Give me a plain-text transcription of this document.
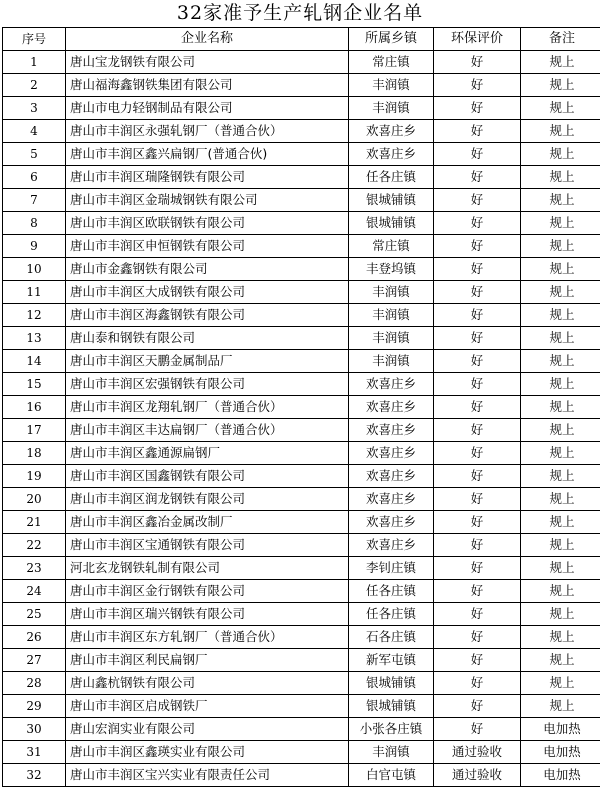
32家准予生产轧钢企业名单
序号	企业名称	所属乡镇	环保评价	备注
1	唐山宝龙钢铁有限公司	常庄镇	好	规上
2	唐山福海鑫钢铁集团有限公司	丰润镇	好	规上
3	唐山市电力轻钢制品有限公司	丰润镇	好	规上
4	唐山市丰润区永强轧钢厂（普通合伙）	欢喜庄乡	好	规上
5	唐山市丰润区鑫兴扁钢厂(普通合伙)	欢喜庄乡	好	规上
6	唐山市丰润区瑞隆钢铁有限公司	任各庄镇	好	规上
7	唐山市丰润区金瑞城钢铁有限公司	银城铺镇	好	规上
8	唐山市丰润区欧联钢铁有限公司	银城铺镇	好	规上
9	唐山市丰润区申恒钢铁有限公司	常庄镇	好	规上
10	唐山市金鑫钢铁有限公司	丰登坞镇	好	规上
11	唐山市丰润区大成钢铁有限公司	丰润镇	好	规上
12	唐山市丰润区海鑫钢铁有限公司	丰润镇	好	规上
13	唐山泰和钢铁有限公司	丰润镇	好	规上
14	唐山市丰润区天鹏金属制品厂	丰润镇	好	规上
15	唐山市丰润区宏强钢铁有限公司	欢喜庄乡	好	规上
16	唐山市丰润区龙翔轧钢厂（普通合伙）	欢喜庄乡	好	规上
17	唐山市丰润区丰达扁钢厂（普通合伙）	欢喜庄乡	好	规上
18	唐山市丰润区鑫通源扁钢厂	欢喜庄乡	好	规上
19	唐山市丰润区国鑫钢铁有限公司	欢喜庄乡	好	规上
20	唐山市丰润区润龙钢铁有限公司	欢喜庄乡	好	规上
21	唐山市丰润区鑫冶金属改制厂	欢喜庄乡	好	规上
22	唐山市丰润区宝通钢铁有限公司	欢喜庄乡	好	规上
23	河北玄龙钢铁轧制有限公司	李钊庄镇	好	规上
24	唐山市丰润区金行钢铁有限公司	任各庄镇	好	规上
25	唐山市丰润区瑞兴钢铁有限公司	任各庄镇	好	规上
26	唐山市丰润区东方轧钢厂（普通合伙）	石各庄镇	好	规上
27	唐山市丰润区利民扁钢厂	新军屯镇	好	规上
28	唐山鑫杭钢铁有限公司	银城铺镇	好	规上
29	唐山市丰润区启成钢铁厂	银城铺镇	好	规上
30	唐山宏润实业有限公司	小张各庄镇	好	电加热
31	唐山市丰润区鑫瑛实业有限公司	丰润镇	通过验收	电加热
32	唐山市丰润区宝兴实业有限责任公司	白官屯镇	通过验收	电加热
